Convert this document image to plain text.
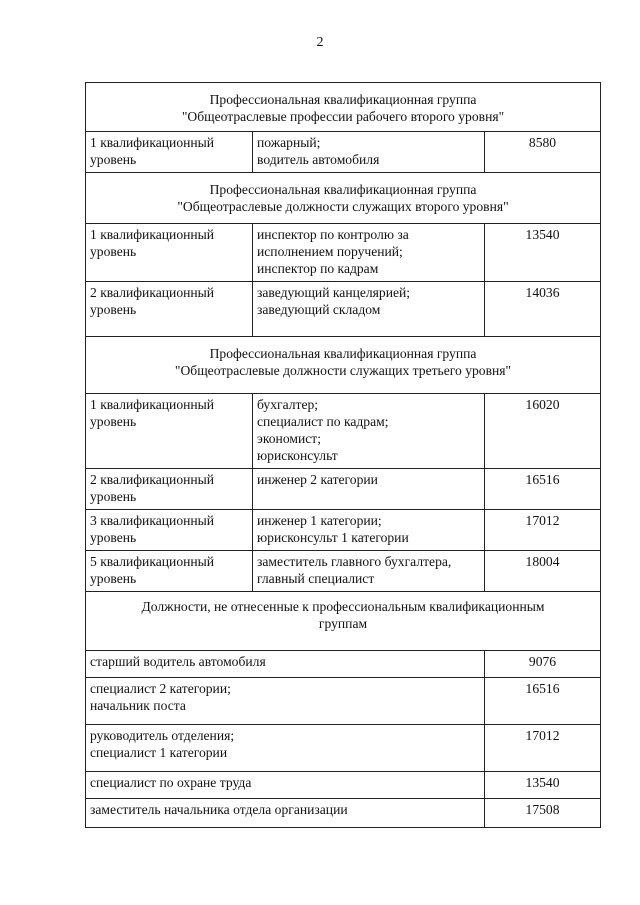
2
Профессиональная квалификационная группа
"Общеотраслевые профессии рабочего второго уровня"		

1 квалификационный
уровень	пожарный;
водитель автомобиля	8580

Профессиональная квалификационная группа
"Общеотраслевые должности служащих второго уровня"		

1 квалификационный
уровень	инспектор по контролю за
исполнением поручений;
инспектор по кадрам	13540

2 квалификационный
уровень	заведующий канцелярией;
заведующий складом	14036

Профессиональная квалификационная группа
"Общеотраслевые должности служащих третьего уровня"		

1 квалификационный
уровень	бухгалтер;
специалист по кадрам;
экономист;
юрисконсульт	16020

2 квалификационный
уровень	инженер 2 категории	16516

3 квалификационный
уровень	инженер 1 категории;
юрисконсульт 1 категории	17012

5 квалификационный
уровень	заместитель главного бухгалтера,
главный специалист	18004

Должности, не отнесенные к профессиональным квалификационным
группам		

старший водитель автомобиля		9076

специалист 2 категории;
начальник поста		16516

руководитель отделения;
специалист 1 категории		17012

специалист по охране труда		13540

заместитель начальника отдела организации		17508
